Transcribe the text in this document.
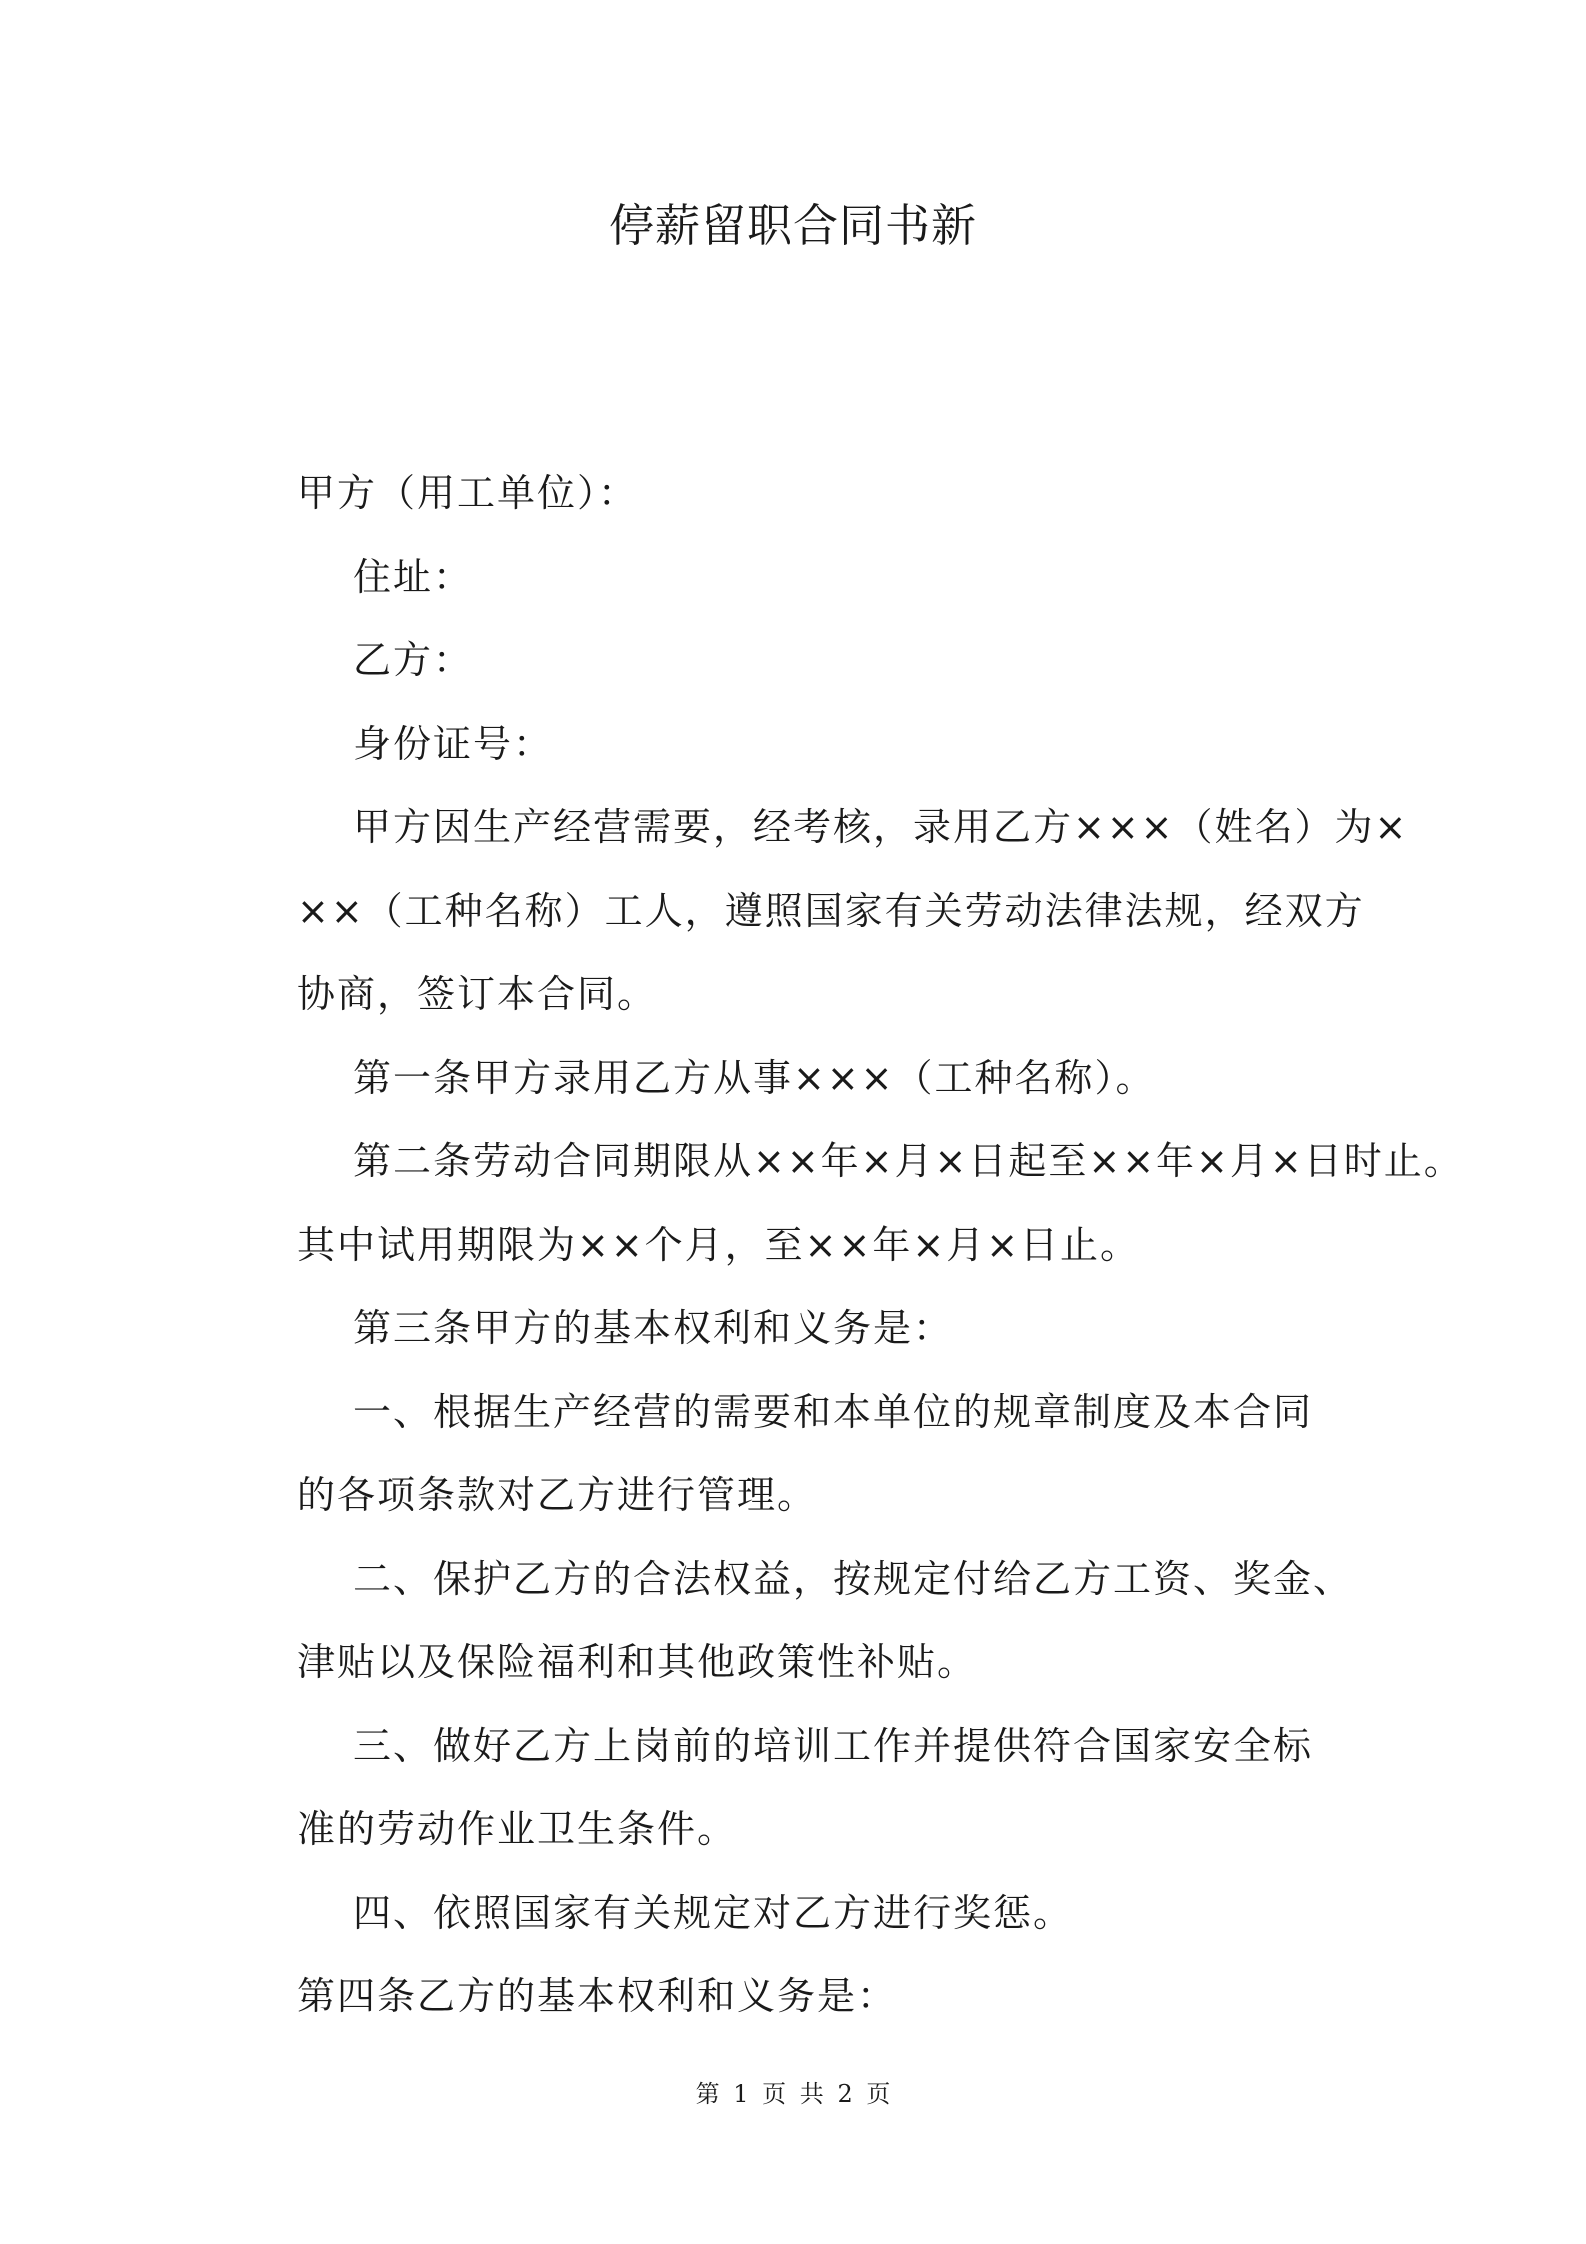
停薪留职合同书新

甲方（用工单位）：

住址：

乙方：

身份证号：

甲方因生产经营需要，经考核，录用乙方×××（姓名）为×

××（工种名称）工人，遵照国家有关劳动法律法规，经双方

协商，签订本合同。

第一条甲方录用乙方从事×××（工种名称）。

第二条劳动合同期限从××年×月×日起至××年×月×日时止。

其中试用期限为××个月，至××年×月×日止。

第三条甲方的基本权利和义务是：

一、根据生产经营的需要和本单位的规章制度及本合同

的各项条款对乙方进行管理。

二、保护乙方的合法权益，按规定付给乙方工资、奖金、

津贴以及保险福利和其他政策性补贴。

三、做好乙方上岗前的培训工作并提供符合国家安全标

准的劳动作业卫生条件。

四、依照国家有关规定对乙方进行奖惩。

第四条乙方的基本权利和义务是：

第 1 页 共 2 页
